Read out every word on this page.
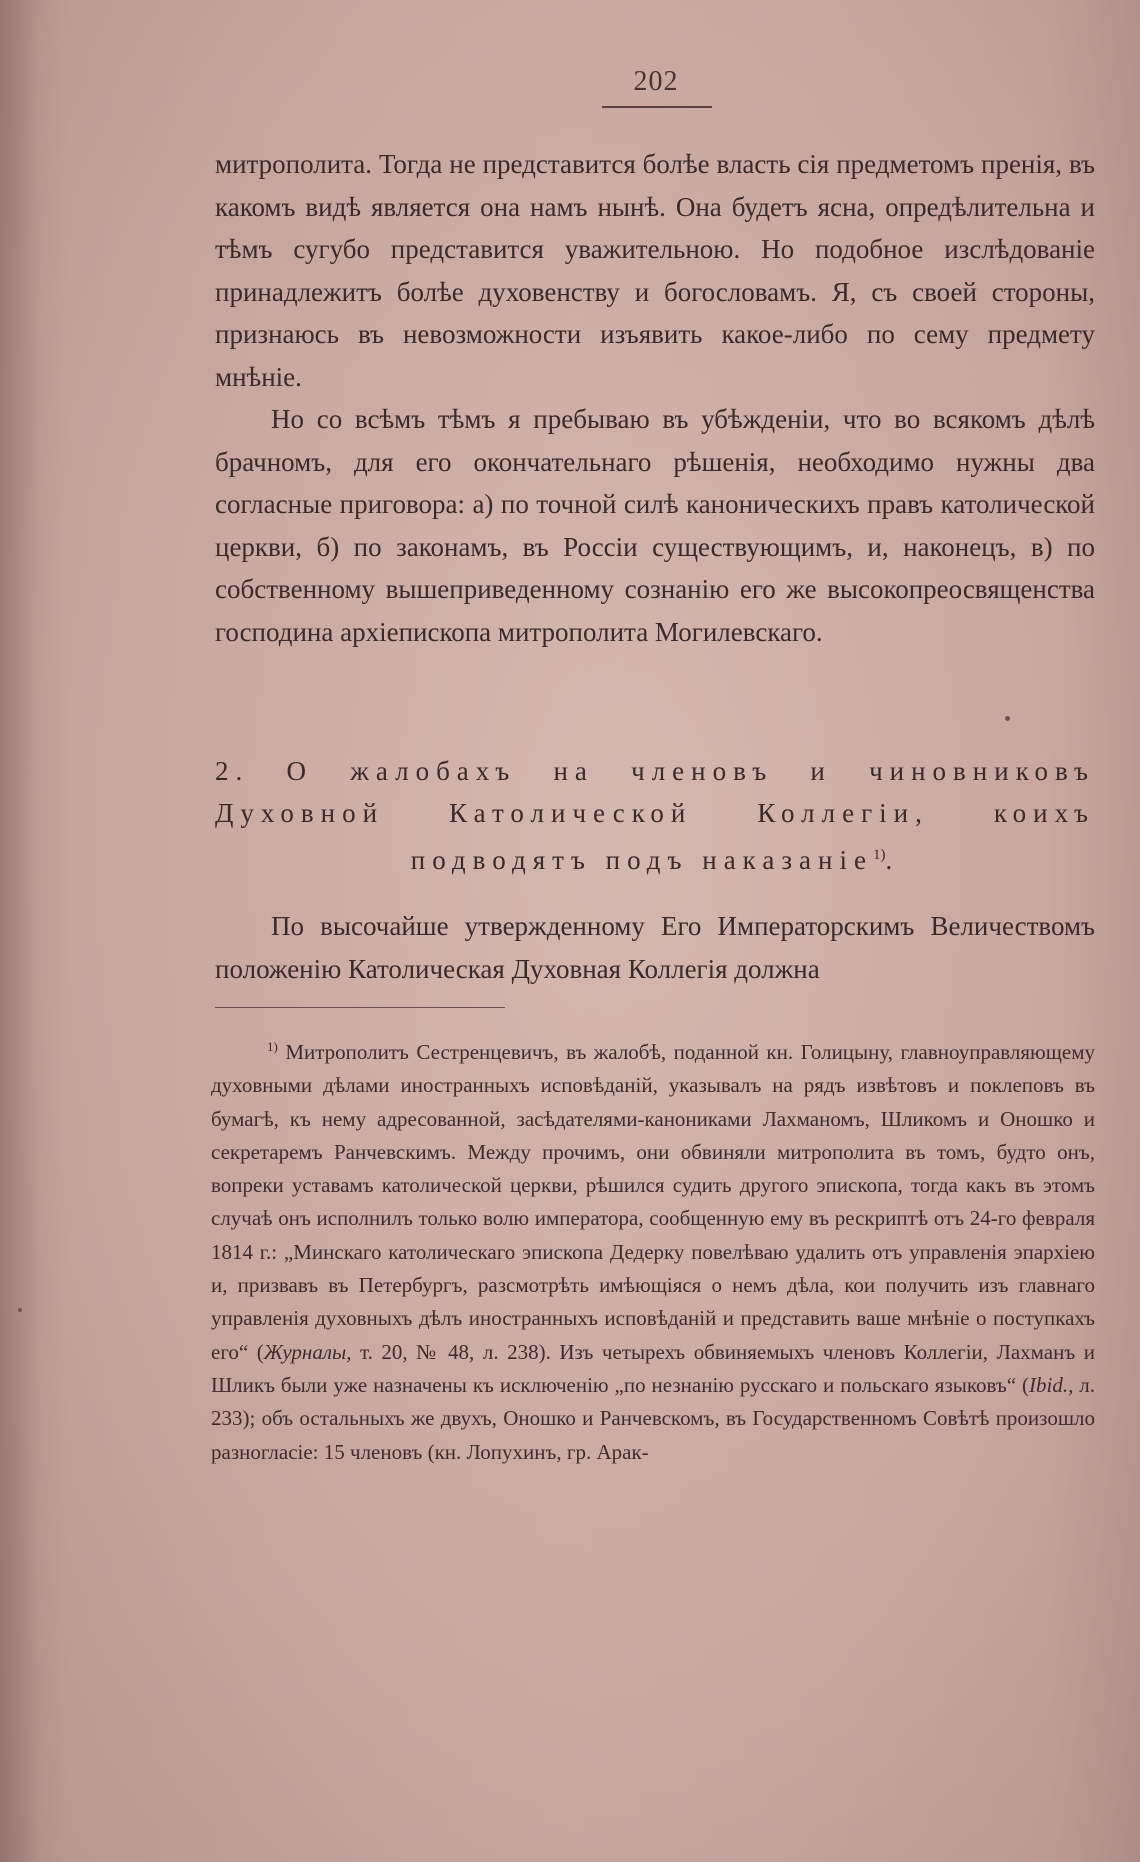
202

митрополита. Тогда не представится болѣе власть сія предметомъ пренія, въ какомъ видѣ является она намъ нынѣ. Она будетъ ясна, опредѣлительна и тѣмъ сугубо представится уважительною. Но подобное изслѣдованіе принадлежитъ болѣе духовенству и богословамъ. Я, съ своей стороны, признаюсь въ невозможности изъявить какое-либо по сему предмету мнѣніе.

Но со всѣмъ тѣмъ я пребываю въ убѣжденіи, что во всякомъ дѣлѣ брачномъ, для его окончательнаго рѣшенія, необходимо нужны два согласные приговора: а) по точной силѣ каноническихъ правъ католической церкви, б) по законамъ, въ Россіи существующимъ, и, наконецъ, в) по собственному вышеприведенному сознанію его же высокопреосвященства господина архіепископа митрополита Могилевскаго.

2. О жалобахъ на членовъ и чиновниковъ Духовной Католической Коллегіи, коихъ подводятъ подъ наказаніе$^{1)}$.

По высочайше утвержденному Его Императорскимъ Величествомъ положенію Католическая Духовная Коллегія должна

$^{1)}$ Митрополитъ Сестренцевичъ, въ жалобѣ, поданной кн. Голицыну, главноуправляющему духовными дѣлами иностранныхъ исповѣданій, указывалъ на рядъ извѣтовъ и поклеповъ въ бумагѣ, къ нему адресованной, засѣдателями-канониками Лахманомъ, Шликомъ и Оношко и секретаремъ Ранчевскимъ. Между прочимъ, они обвиняли митрополита въ томъ, будто онъ, вопреки уставамъ католической церкви, рѣшился судить другого эпископа, тогда какъ въ этомъ случаѣ онъ исполнилъ только волю императора, сообщенную ему въ рескриптѣ отъ 24-го февраля 1814 г.: „Минскаго католическаго эпископа Дедерку повелѣваю удалить отъ управленія эпархіею и, призвавъ въ Петербургъ, разсмотрѣть имѣющіяся о немъ дѣла, кои получить изъ главнаго управленія духовныхъ дѣлъ иностранныхъ исповѣданій и представить ваше мнѣніе о поступкахъ его“ (Журналы, т. 20, № 48, л. 238). Изъ четырехъ обвиняемыхъ членовъ Коллегіи, Лахманъ и Шликъ были уже назначены къ исключенію „по незнанію русскаго и польскаго языковъ“ (Ibid., л. 233); объ остальныхъ же двухъ, Оношко и Ранчевскомъ, въ Государственномъ Совѣтѣ произошло разногласіе: 15 членовъ (кн. Лопухинъ, гр. Арак-
